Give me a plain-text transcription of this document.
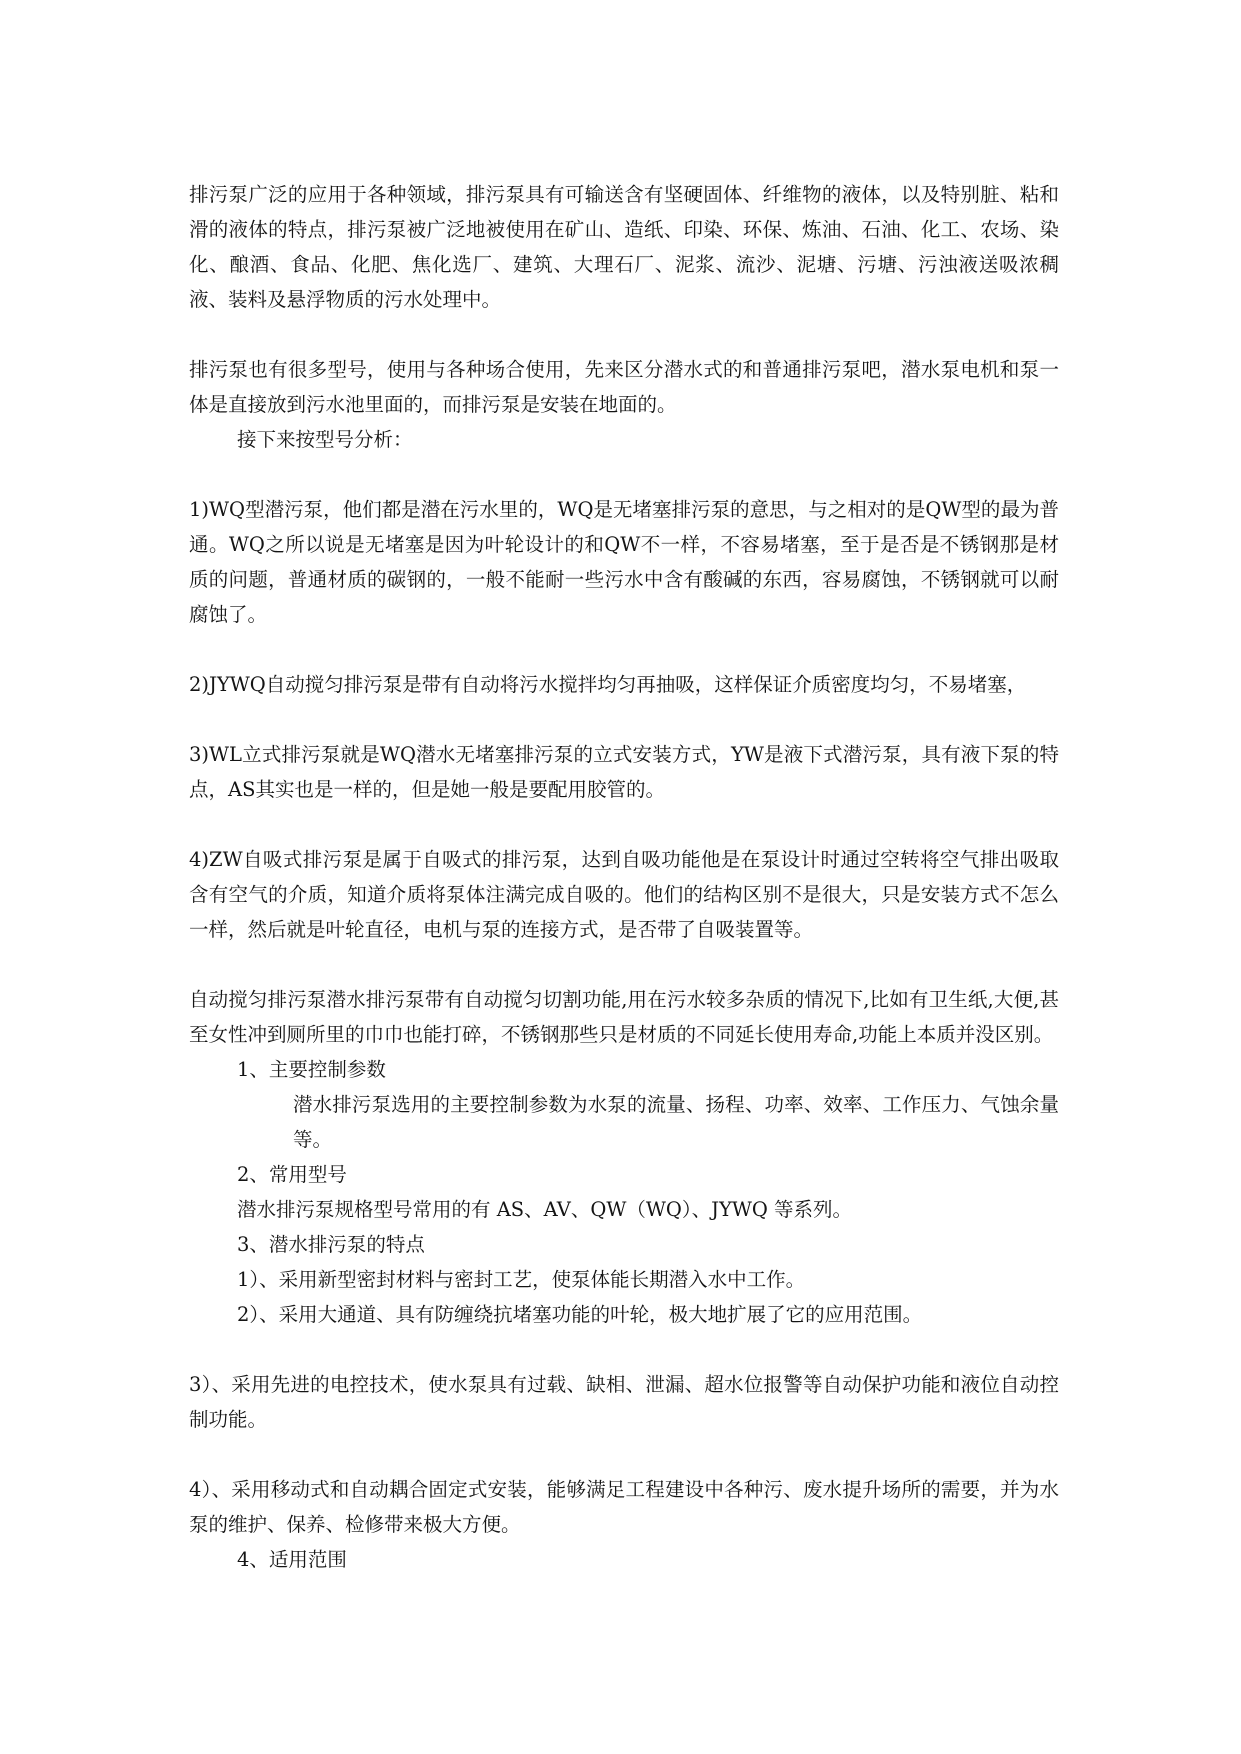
排污泵广泛的应用于各种领域，排污泵具有可输送含有坚硬固体、纤维物的液体，以及特别脏、粘和滑的液体的特点，排污泵被广泛地被使用在矿山、造纸、印染、环保、炼油、石油、化工、农场、染化、酿酒、食品、化肥、焦化选厂、建筑、大理石厂、泥浆、流沙、泥塘、污塘、污浊液送吸浓稠液、装料及悬浮物质的污水处理中。

排污泵也有很多型号，使用与各种场合使用，先来区分潜水式的和普通排污泵吧，潜水泵电机和泵一体是直接放到污水池里面的，而排污泵是安装在地面的。

接下来按型号分析：

1)WQ型潜污泵，他们都是潜在污水里的，WQ是无堵塞排污泵的意思，与之相对的是QW型的最为普通。WQ之所以说是无堵塞是因为叶轮设计的和QW不一样，不容易堵塞，至于是否是不锈钢那是材质的问题，普通材质的碳钢的，一般不能耐一些污水中含有酸碱的东西，容易腐蚀，不锈钢就可以耐腐蚀了。

2)JYWQ自动搅匀排污泵是带有自动将污水搅拌均匀再抽吸，这样保证介质密度均匀，不易堵塞，

3)WL立式排污泵就是WQ潜水无堵塞排污泵的立式安装方式，YW是液下式潜污泵，具有液下泵的特点，AS其实也是一样的，但是她一般是要配用胶管的。

4)ZW自吸式排污泵是属于自吸式的排污泵，达到自吸功能他是在泵设计时通过空转将空气排出吸取含有空气的介质，知道介质将泵体注满完成自吸的。他们的结构区别不是很大，只是安装方式不怎么一样，然后就是叶轮直径，电机与泵的连接方式，是否带了自吸装置等。

自动搅匀排污泵潜水排污泵带有自动搅匀切割功能,用在污水较多杂质的情况下,比如有卫生纸,大便,甚至女性冲到厕所里的巾巾也能打碎，不锈钢那些只是材质的不同延长使用寿命,功能上本质并没区别。

1、主要控制参数

潜水排污泵选用的主要控制参数为水泵的流量、扬程、功率、效率、工作压力、气蚀余量等。

2、常用型号

潜水排污泵规格型号常用的有 AS、AV、QW（WQ）、JYWQ 等系列。

3、潜水排污泵的特点

1）、采用新型密封材料与密封工艺，使泵体能长期潜入水中工作。

2）、采用大通道、具有防缠绕抗堵塞功能的叶轮，极大地扩展了它的应用范围。

3）、采用先进的电控技术，使水泵具有过载、缺相、泄漏、超水位报警等自动保护功能和液位自动控制功能。

4）、采用移动式和自动耦合固定式安装，能够满足工程建设中各种污、废水提升场所的需要，并为水泵的维护、保养、检修带来极大方便。

4、适用范围
